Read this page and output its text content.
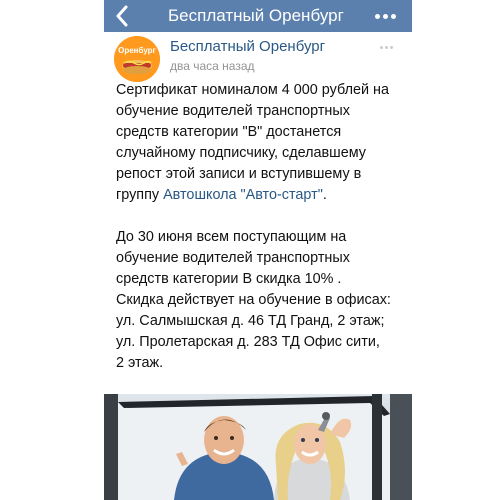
Бесплатный Оренбург
Оренбург Бесплатный Оренбург
два часа назад

Сертификат номиналом 4 000 рублей на

обучение водителей транспортных

средств категории "В" достанется

случайному подписчику, сделавшему

репост этой записи и вступившему в

группу Автошкола "Авто-старт".

До 30 июня всем поступающим на

обучение водителей транспортных

средств категории В скидка 10% .

Скидка действует на обучение в офисах:

ул. Салмышская д. 46 ТД Гранд, 2 этаж;

ул. Пролетарская д. 283 ТД Офис сити,

2 этаж.
